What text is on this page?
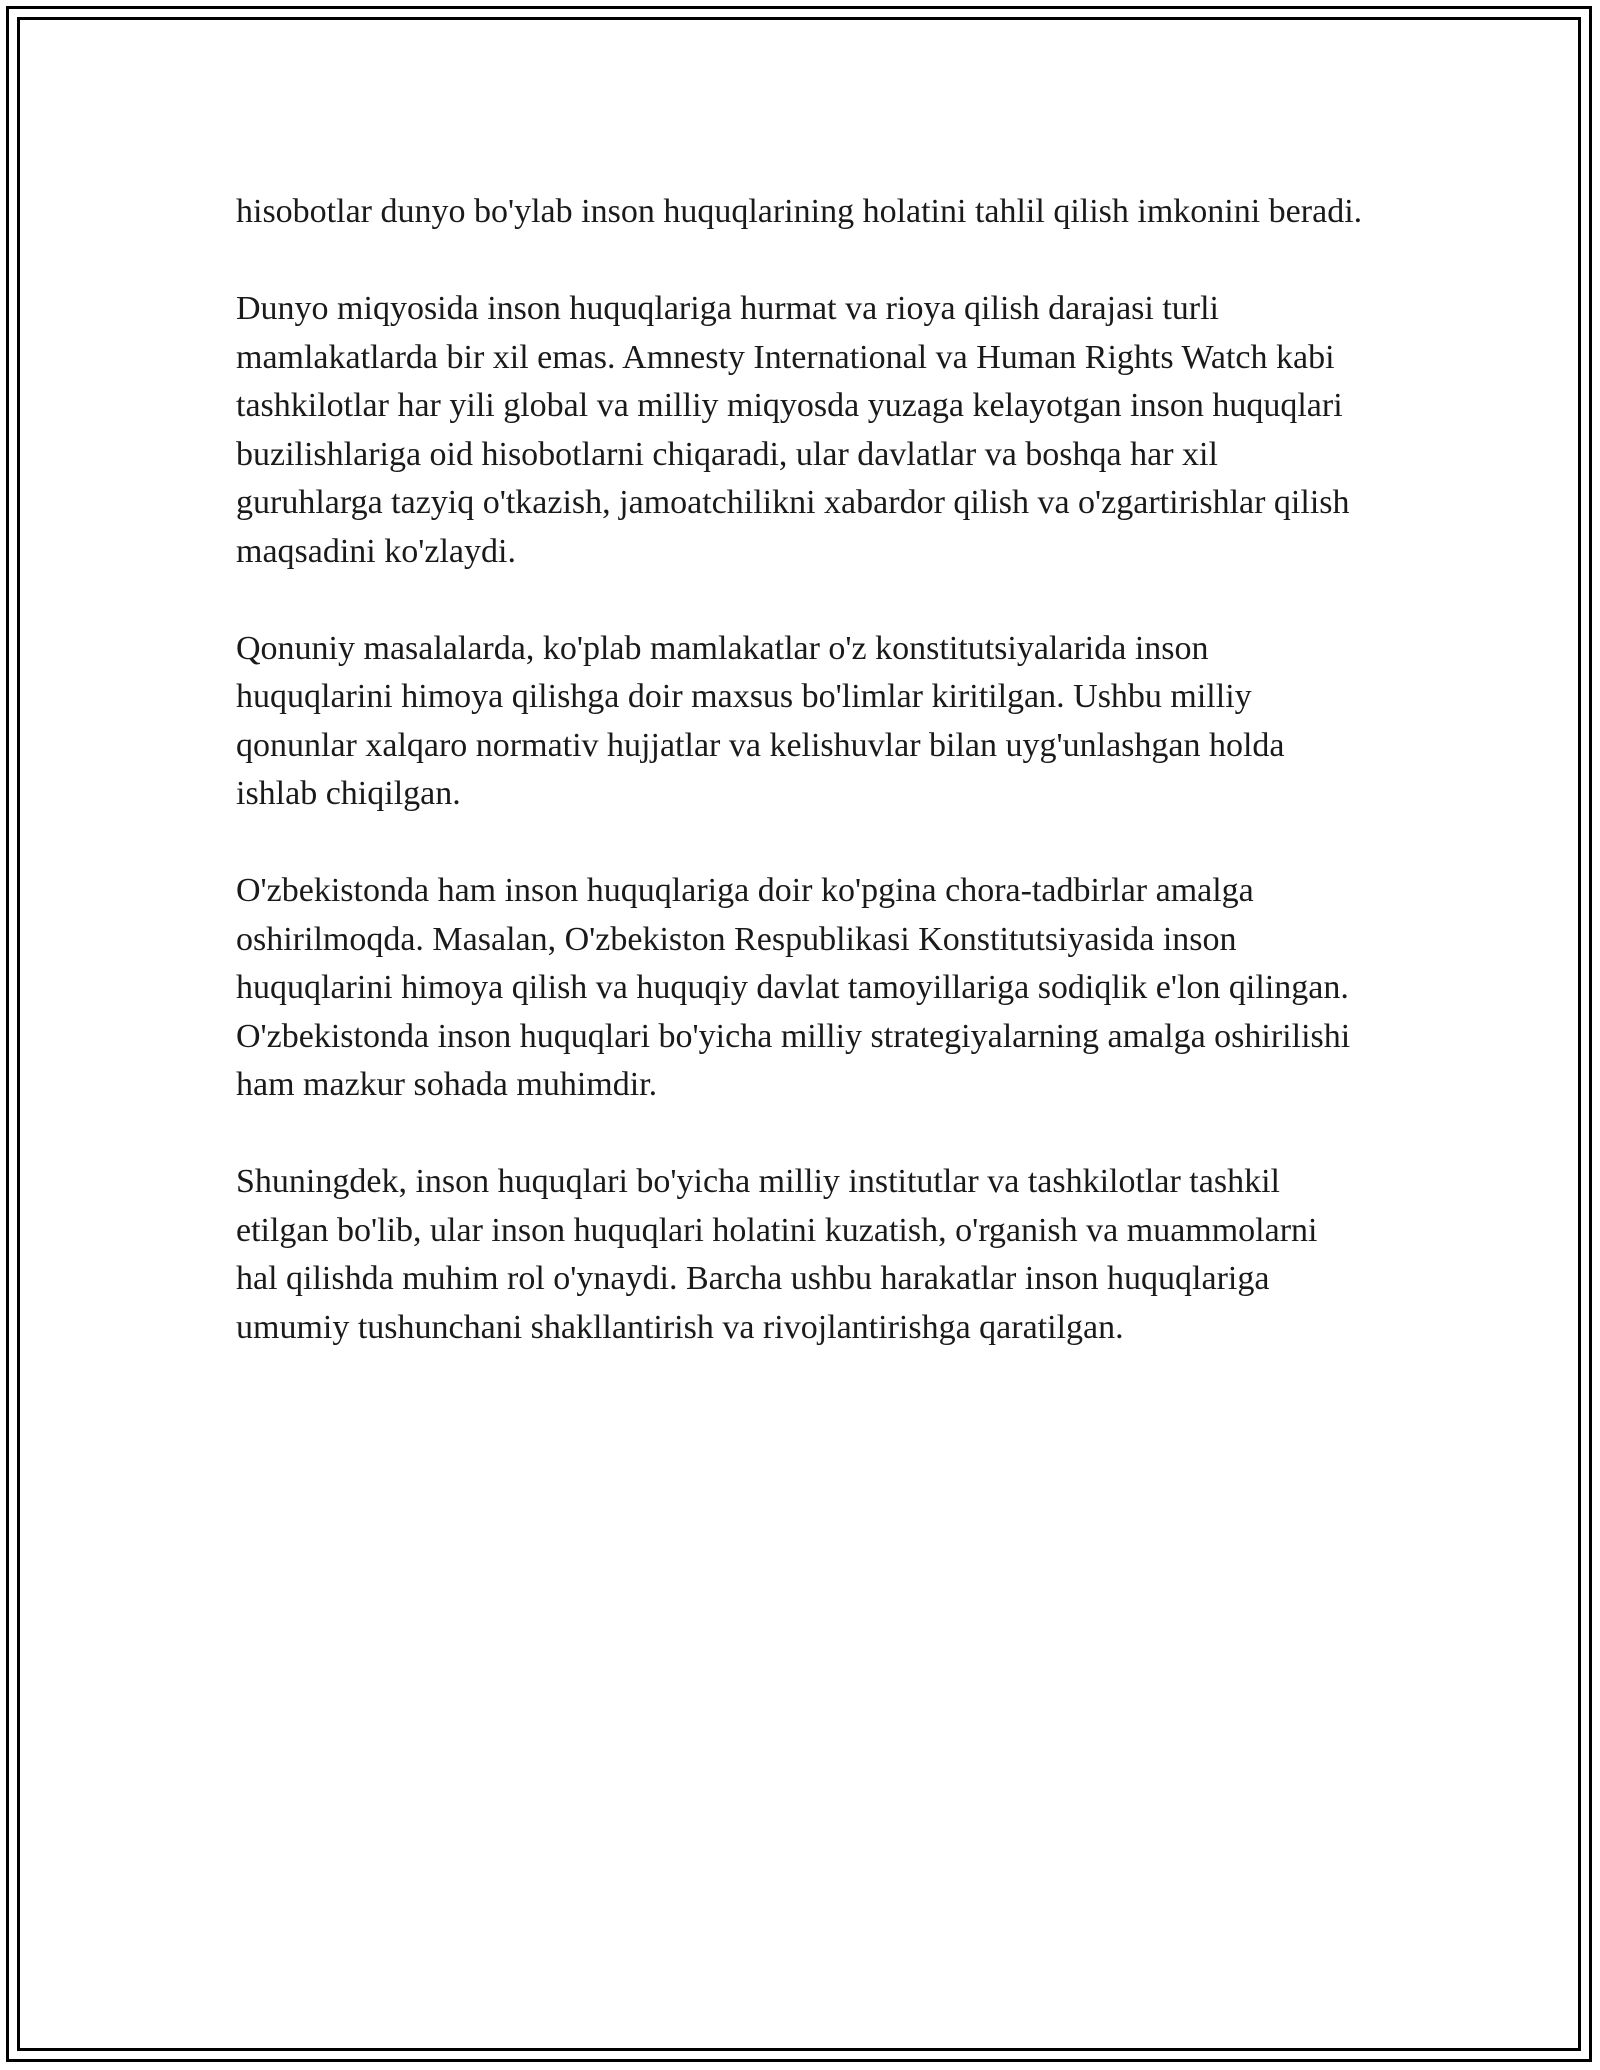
hisobotlar dunyo bo'ylab inson huquqlarining holatini tahlil qilish imkonini beradi.

Dunyo miqyosida inson huquqlariga hurmat va rioya qilish darajasi turli mamlakatlarda bir xil emas. Amnesty International va Human Rights Watch kabi tashkilotlar har yili global va milliy miqyosda yuzaga kelayotgan inson huquqlari buzilishlariga oid hisobotlarni chiqaradi, ular davlatlar va boshqa har xil guruhlarga tazyiq o'tkazish, jamoatchilikni xabardor qilish va o'zgartirishlar qilish maqsadini ko'zlaydi.

Qonuniy masalalarda, ko'plab mamlakatlar o'z konstitutsiyalarida inson huquqlarini himoya qilishga doir maxsus bo'limlar kiritilgan. Ushbu milliy qonunlar xalqaro normativ hujjatlar va kelishuvlar bilan uyg'unlashgan holda ishlab chiqilgan.

O'zbekistonda ham inson huquqlariga doir ko'pgina chora-tadbirlar amalga oshirilmoqda. Masalan, O'zbekiston Respublikasi Konstitutsiyasida inson huquqlarini himoya qilish va huquqiy davlat tamoyillariga sodiqlik e'lon qilingan. O'zbekistonda inson huquqlari bo'yicha milliy strategiyalarning amalga oshirilishi ham mazkur sohada muhimdir.

Shuningdek, inson huquqlari bo'yicha milliy institutlar va tashkilotlar tashkil etilgan bo'lib, ular inson huquqlari holatini kuzatish, o'rganish va muammolarni hal qilishda muhim rol o'ynaydi. Barcha ushbu harakatlar inson huquqlariga umumiy tushunchani shakllantirish va rivojlantirishga qaratilgan.
